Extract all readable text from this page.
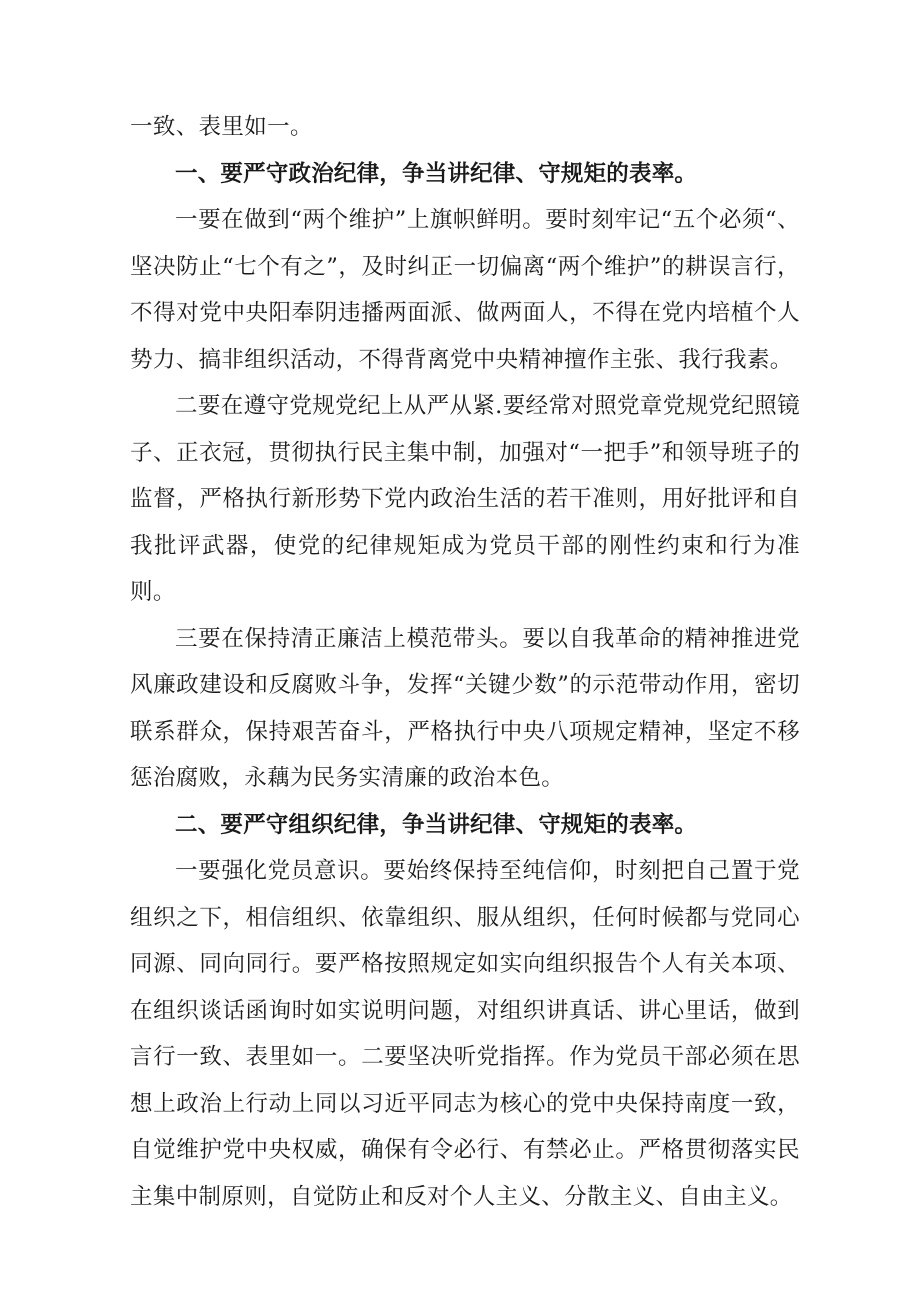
一致、表里如一。

一、要严守政治纪律，争当讲纪律、守规矩的表率。

一要在做到“两个维护”上旗帜鲜明。要时刻牢记“五个必须“、坚决防止“七个有之”，及时纠正一切偏离“两个维护”的耕误言行，不得对党中央阳奉阴违播两面派、做两面人，不得在党内培植个人势力、搞非组织活动，不得背离党中央精神擅作主张、我行我素。

二要在遵守党规党纪上从严从紧.要经常对照党章党规党纪照镜子、正衣冠，贯彻执行民主集中制，加强对“一把手”和领导班子的监督，严格执行新形势下党内政治生活的若干准则，用好批评和自我批评武器，使党的纪律规矩成为党员干部的刚性约束和行为准则。

三要在保持清正廉洁上模范带头。要以自我革命的精神推进党风廉政建设和反腐败斗争，发挥“关键少数”的示范带动作用，密切联系群众，保持艰苦奋斗，严格执行中央八项规定精神，坚定不移惩治腐败，永藕为民务实清廉的政治本色。

二、要严守组织纪律，争当讲纪律、守规矩的表率。

一要强化党员意识。要始终保持至纯信仰，时刻把自己置于党组织之下，相信组织、依靠组织、服从组织，任何时候都与党同心同源、同向同行。要严格按照规定如实向组织报告个人有关本项、在组织谈话函询时如实说明问题，对组织讲真话、讲心里话，做到言行一致、表里如一。二要坚决听党指挥。作为党员干部必须在思想上政治上行动上同以习近平同志为核心的党中央保持南度一致，自觉维护党中央权威，确保有令必行、有禁必止。严格贯彻落实民主集中制原则，自觉防止和反对个人主义、分散主义、自由主义。
